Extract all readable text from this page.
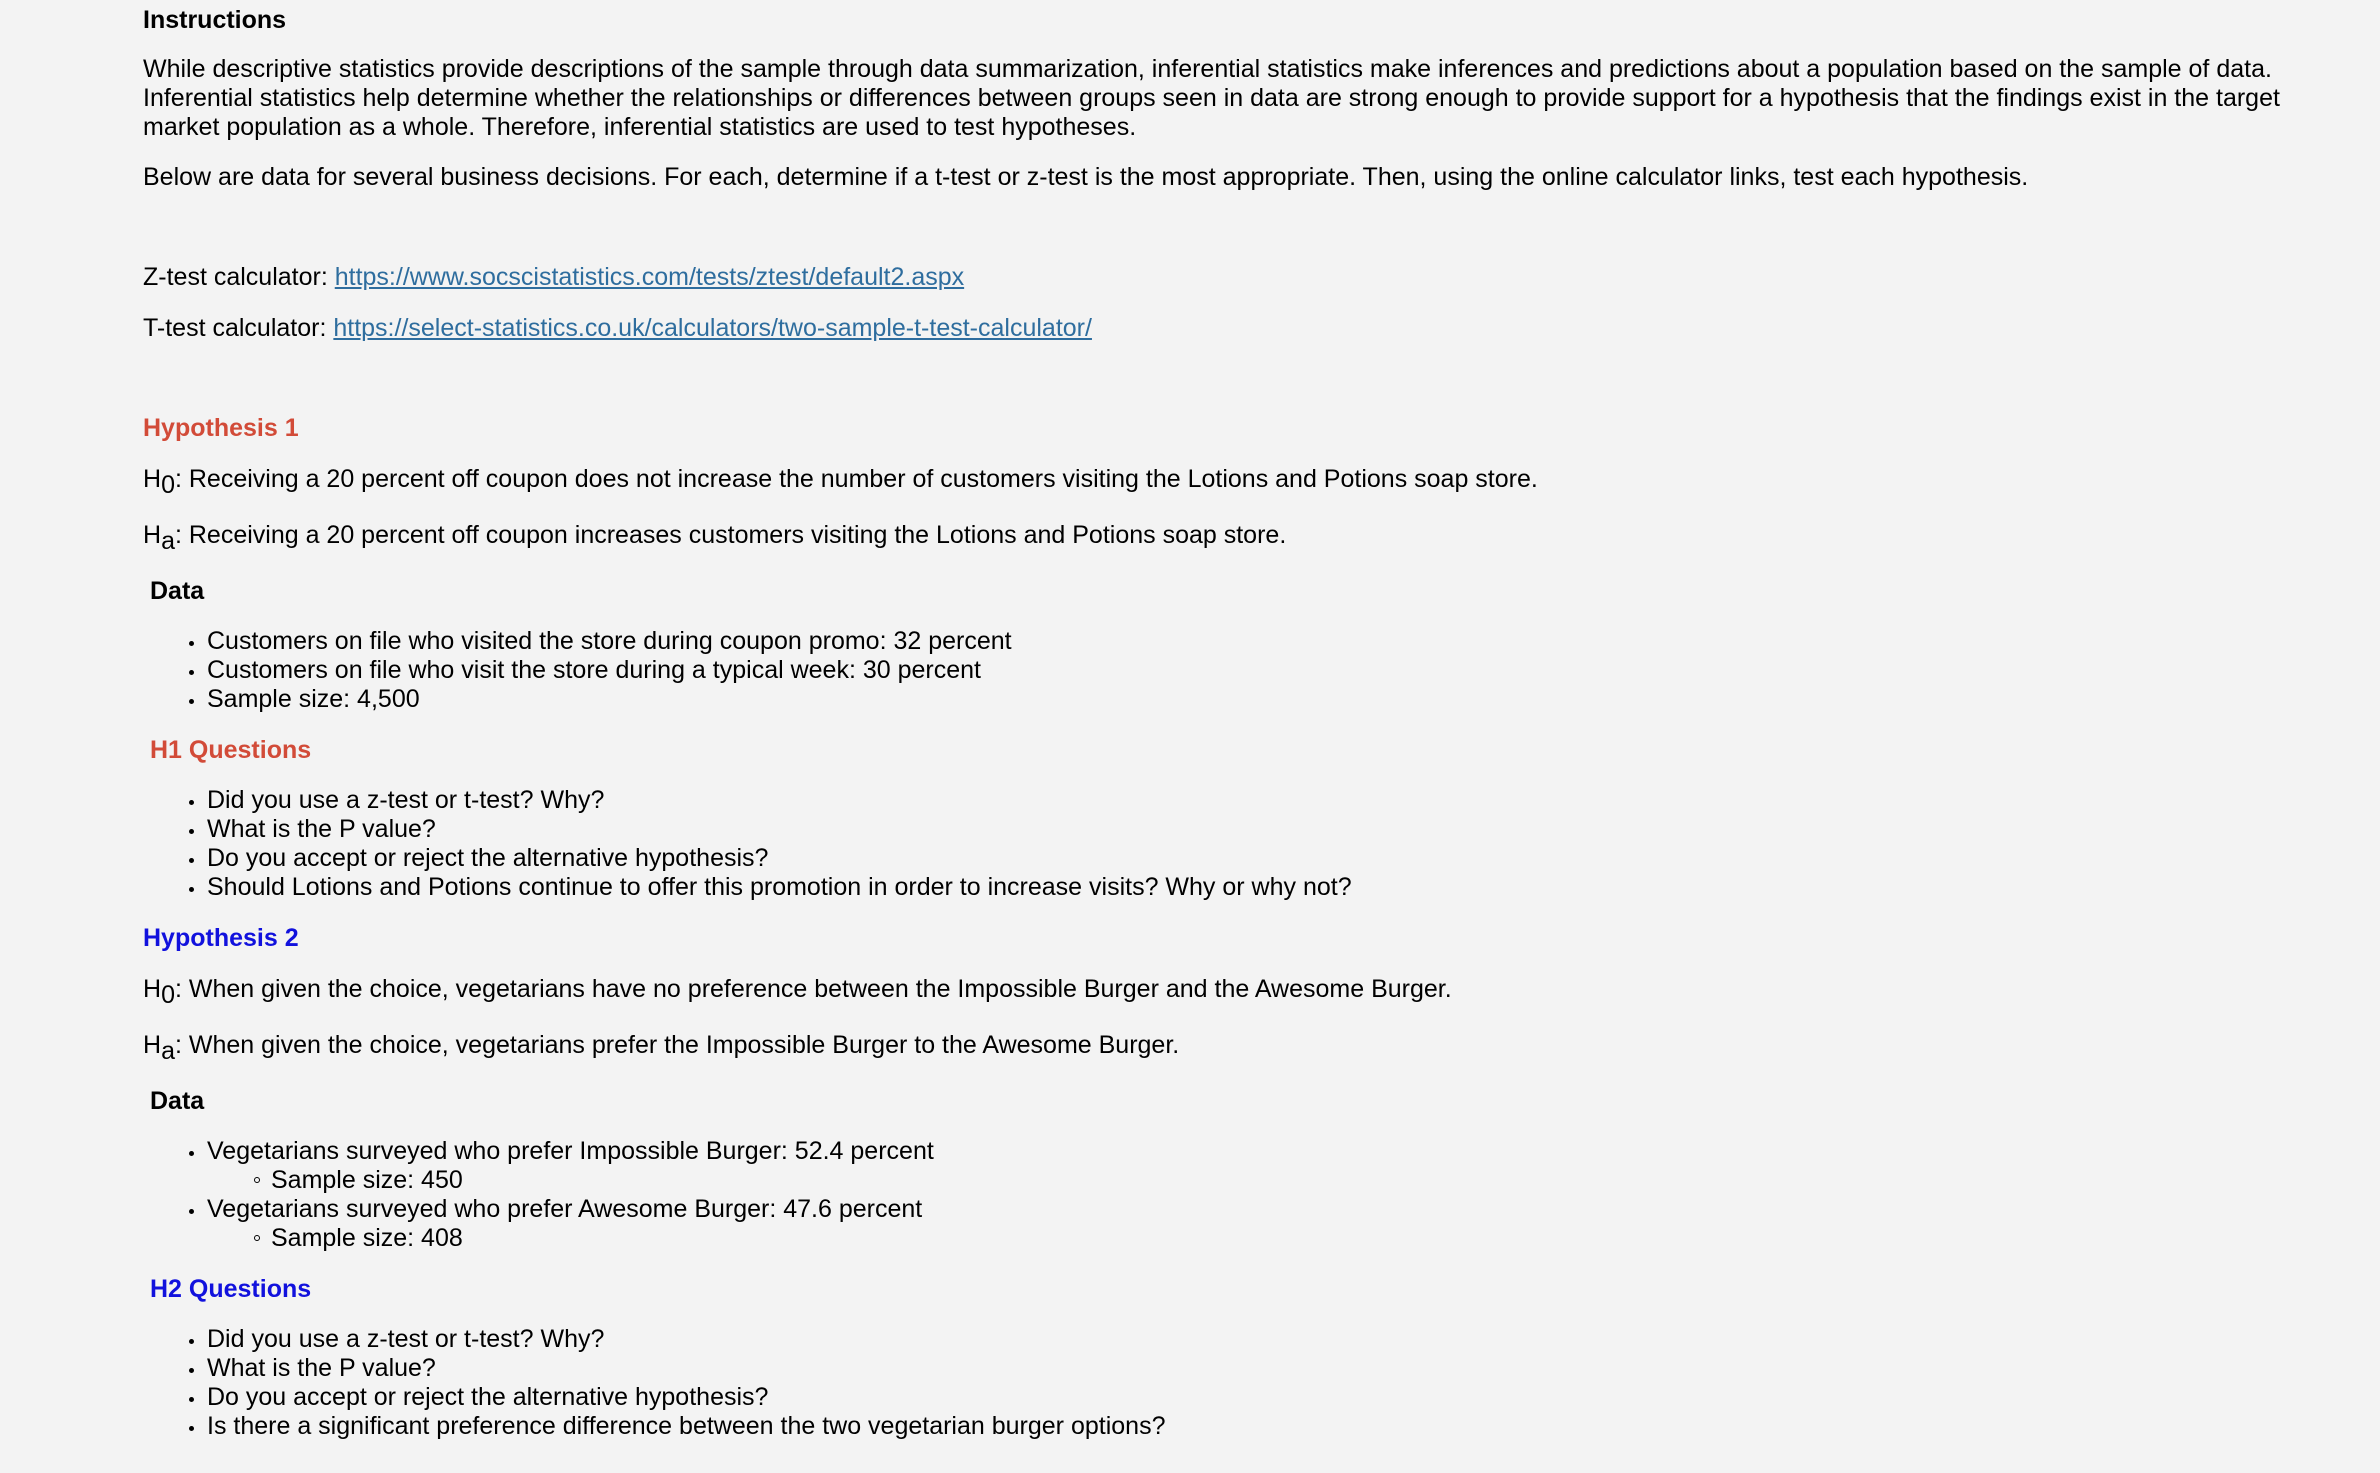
Instructions

While descriptive statistics provide descriptions of the sample through data summarization, inferential statistics make inferences and predictions about a population based on the sample of data.
Inferential statistics help determine whether the relationships or differences between groups seen in data are strong enough to provide support for a hypothesis that the findings exist in the target
market population as a whole. Therefore, inferential statistics are used to test hypotheses.

Below are data for several business decisions. For each, determine if a t-test or z-test is the most appropriate. Then, using the online calculator links, test each hypothesis.

Z-test calculator: https://www.socscistatistics.com/tests/ztest/default2.aspx

T-test calculator: https://select-statistics.co.uk/calculators/two-sample-t-test-calculator/

Hypothesis 1

$H_0$: Receiving a 20 percent off coupon does not increase the number of customers visiting the Lotions and Potions soap store.

$H_a$: Receiving a 20 percent off coupon increases customers visiting the Lotions and Potions soap store.

Data

Customers on file who visited the store during coupon promo: 32 percent
Customers on file who visit the store during a typical week: 30 percent
Sample size: 4,500

H1 Questions

Did you use a z-test or t-test? Why?
What is the P value?
Do you accept or reject the alternative hypothesis?
Should Lotions and Potions continue to offer this promotion in order to increase visits? Why or why not?

Hypothesis 2

$H_0$: When given the choice, vegetarians have no preference between the Impossible Burger and the Awesome Burger.

$H_a$: When given the choice, vegetarians prefer the Impossible Burger to the Awesome Burger.

Data

Vegetarians surveyed who prefer Impossible Burger: 52.4 percent
Sample size: 450
Vegetarians surveyed who prefer Awesome Burger: 47.6 percent
Sample size: 408

H2 Questions

Did you use a z-test or t-test? Why?
What is the P value?
Do you accept or reject the alternative hypothesis?
Is there a significant preference difference between the two vegetarian burger options?
